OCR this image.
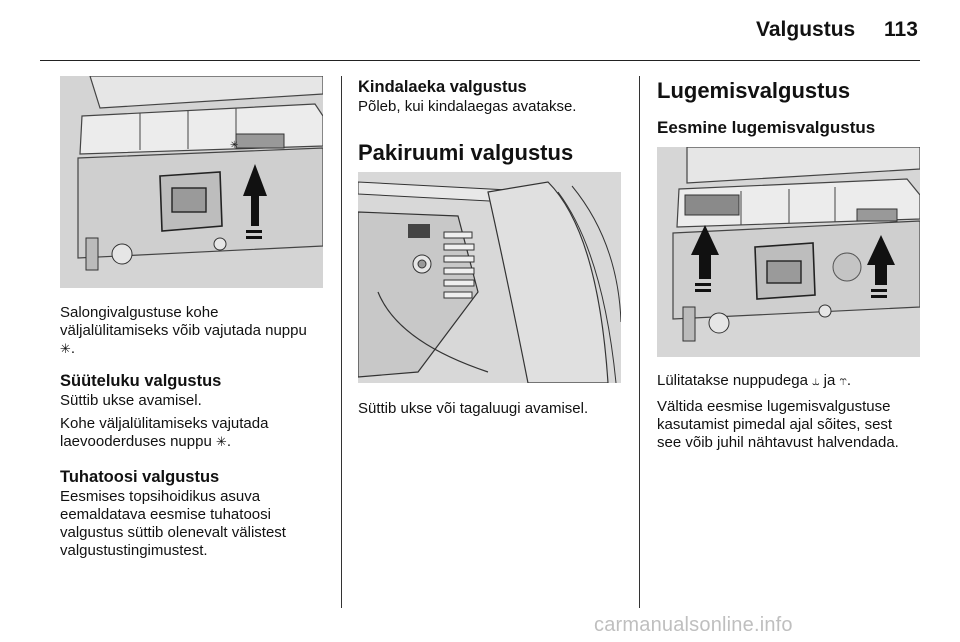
Valgustus 113
✳
Salongivalgustuse kohe
väljalülitamiseks võib vajutada nuppu
✳.
Süüteluku valgustus
Süttib ukse avamisel.
Kohe väljalülitamiseks vajutada
laevooderduses nuppu ✳.
Tuhatoosi valgustus
Eesmises topsihoidikus asuva
eemaldatava eesmise tuhatoosi
valgustus süttib olenevalt välistest
valgustustingimustest.
Kindalaeka valgustus
Põleb, kui kindalaegas avatakse.
Pakiruumi valgustus
Süttib ukse või tagaluugi avamisel.
Lugemisvalgustus
Eesmine lugemisvalgustus
Lülitatakse nuppudega ⥿ ja ⥾.
Vältida eesmise lugemisvalgustuse
kasutamist pimedal ajal sõites, sest
see võib juhil nähtavust halvendada.
carmanualsonline.info
